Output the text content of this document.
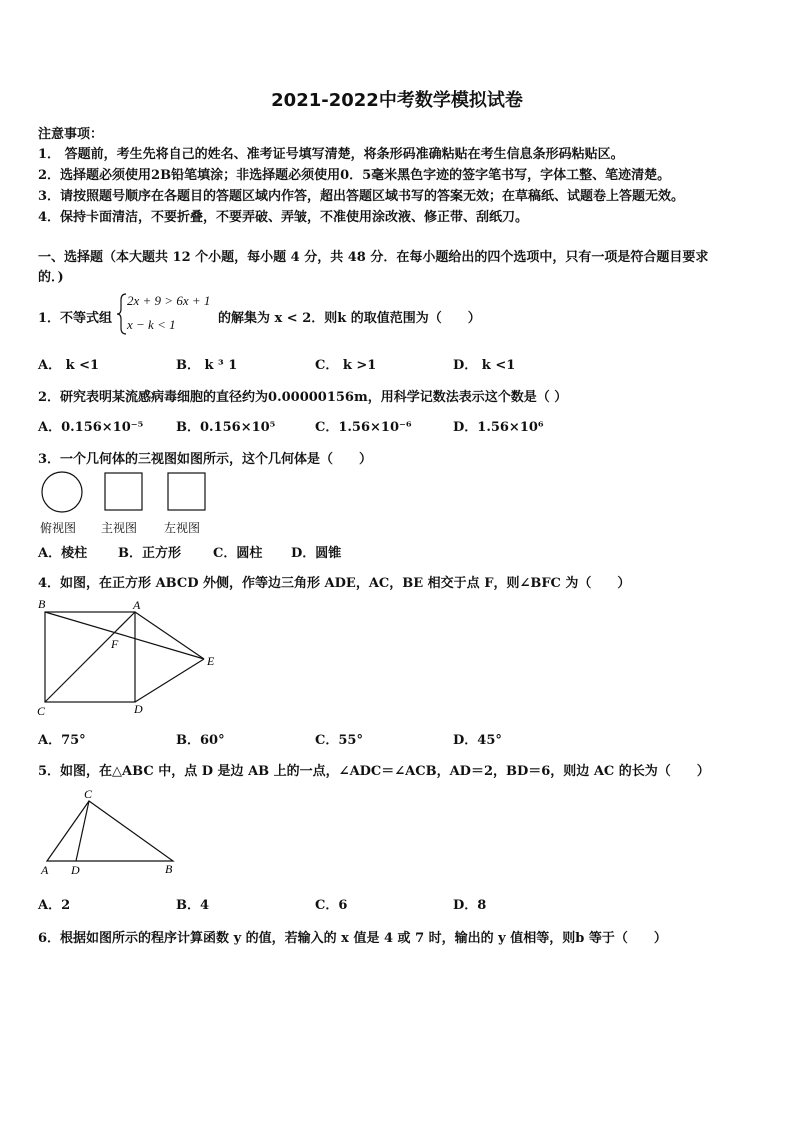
2021-2022中考数学模拟试卷
注意事项：
1． 答题前，考生先将自己的姓名、准考证号填写清楚，将条形码准确粘贴在考生信息条形码粘贴区。
2．选择题必须使用2B铅笔填涂；非选择题必须使用0．5毫米黑色字迹的签字笔书写，字体工整、笔迹清楚。
3．请按照题号顺序在各题目的答题区域内作答，超出答题区域书写的答案无效；在草稿纸、试题卷上答题无效。
4．保持卡面清洁，不要折叠，不要弄破、弄皱，不准使用涂改液、修正带、刮纸刀。
一、选择题（本大题共 12 个小题，每小题 4 分，共 48 分．在每小题给出的四个选项中，只有一项是符合题目要求
的．)
1．不等式组
2x + 9 > 6x + 1
x − k < 1	的解集为 x < 2．则k 的取值范围为（　　）
A． k <1	B． k ³ 1	C． k >1	D． k <1
2．研究表明某流感病毒细胞的直径约为0.00000156m，用科学记数法表示这个数是（ ）
A．0.156×10⁻⁵	B．0.156×10⁵	C．1.56×10⁻⁶	D．1.56×10⁶
3．一个几何体的三视图如图所示，这个几何体是（　　）
俯视图 主视图 左视图
A．棱柱 B．正方形 C．圆柱 D．圆锥
4．如图，在正方形 ABCD 外侧，作等边三角形 ADE，AC，BE 相交于点 F，则∠BFC 为（　　）
B	A
F
E
C	D
A．75°	B．60°	C．55°	D．45°
5．如图，在△ABC 中，点 D 是边 AB 上的一点，∠ADC＝∠ACB，AD＝2，BD＝6，则边 AC 的长为（　　）
C
A D	B
A．2	B．4	C．6	D．8
6．根据如图所示的程序计算函数 y 的值，若输入的 x 值是 4 或 7 时，输出的 y 值相等，则b 等于（　　）
